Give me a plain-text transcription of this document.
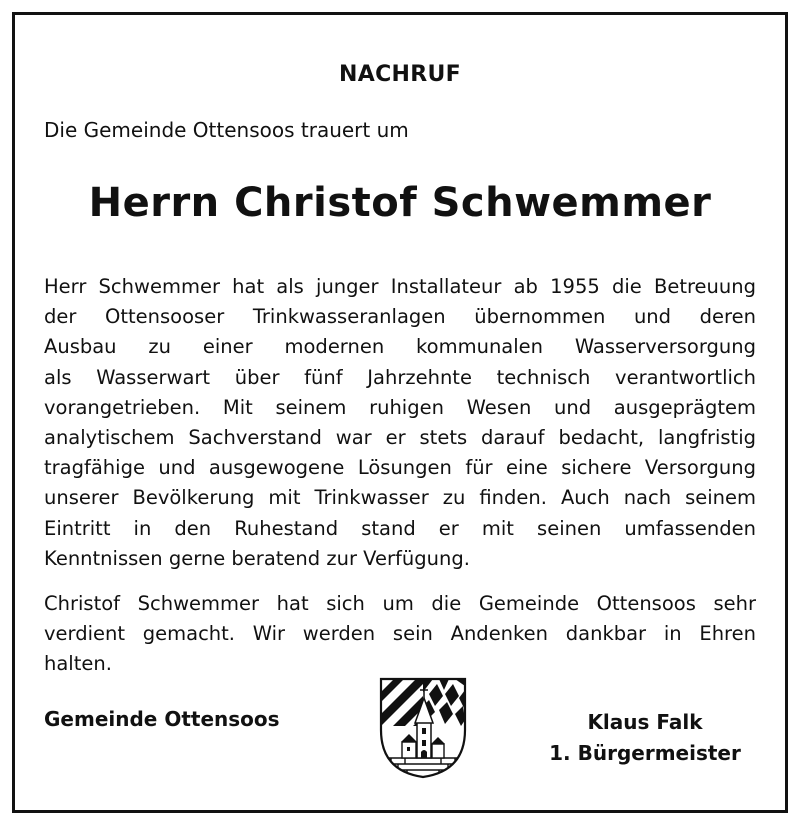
NACHRUF
Die Gemeinde Ottensoos trauert um
Herrn Christof Schwemmer
Herr Schwemmer hat als junger Installateur ab 1955 die Betreuung
der Ottensooser Trinkwasseranlagen übernommen und deren
Ausbau zu einer modernen kommunalen Wasserversorgung
als Wasserwart über fünf Jahrzehnte technisch verantwortlich
vorangetrieben. Mit seinem ruhigen Wesen und ausgeprägtem
analytischem Sachverstand war er stets darauf bedacht, langfristig
tragfähige und ausgewogene Lösungen für eine sichere Versorgung
unserer Bevölkerung mit Trinkwasser zu finden. Auch nach seinem
Eintritt in den Ruhestand stand er mit seinen umfassenden
Kenntnissen gerne beratend zur Verfügung.
Christof Schwemmer hat sich um die Gemeinde Ottensoos sehr
verdient gemacht. Wir werden sein Andenken dankbar in Ehren
halten.
Gemeinde Ottensoos	Klaus Falk
1. Bürgermeister
